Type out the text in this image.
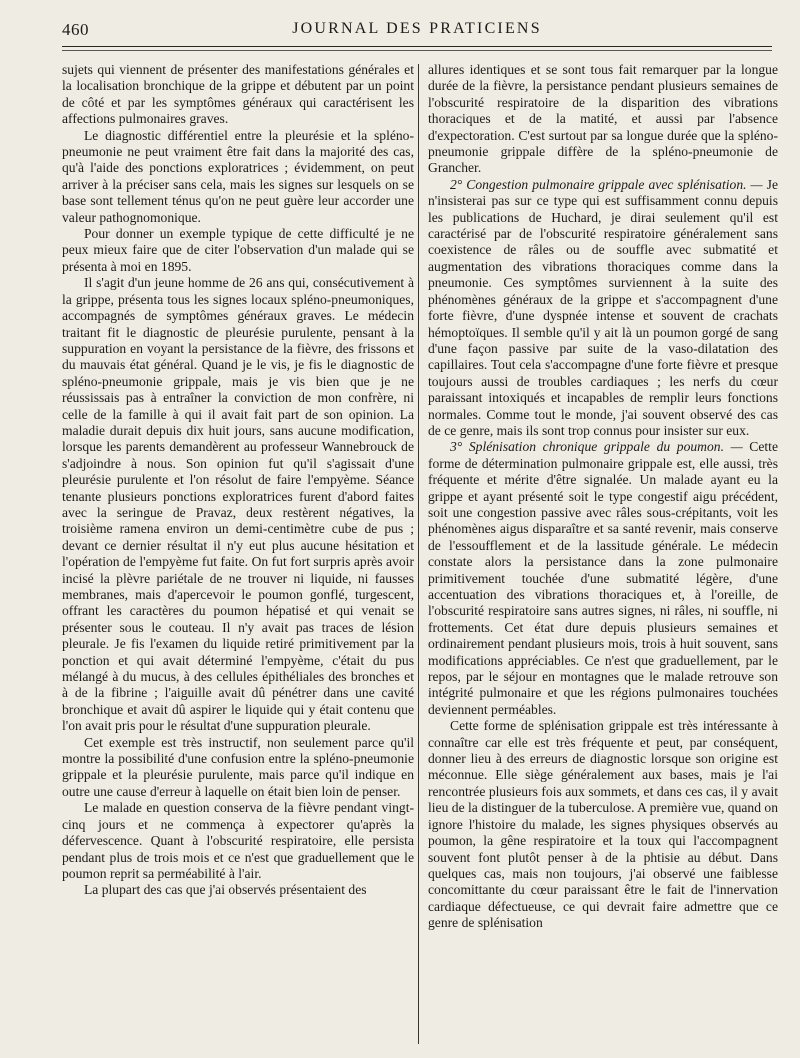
460	JOURNAL DES PRATICIENS

sujets qui viennent de présenter des manifestations générales et la localisation bronchique de la grippe et débutent par un point de côté et par les symptômes généraux qui caractérisent les affections pulmonaires graves.

Le diagnostic différentiel entre la pleurésie et la spléno-pneumonie ne peut vraiment être fait dans la majorité des cas, qu'à l'aide des ponctions exploratrices ; évidemment, on peut arriver à la préciser sans cela, mais les signes sur lesquels on se base sont tellement ténus qu'on ne peut guère leur accorder une valeur pathognomonique.

Pour donner un exemple typique de cette difficulté je ne peux mieux faire que de citer l'observation d'un malade qui se présenta à moi en 1895.

Il s'agit d'un jeune homme de 26 ans qui, consécutivement à la grippe, présenta tous les signes locaux spléno-pneumoniques, accompagnés de symptômes généraux graves. Le médecin traitant fit le diagnostic de pleurésie purulente, pensant à la suppuration en voyant la persistance de la fièvre, des frissons et du mauvais état général. Quand je le vis, je fis le diagnostic de spléno-pneumonie grippale, mais je vis bien que je ne réussissais pas à entraîner la conviction de mon confrère, ni celle de la famille à qui il avait fait part de son opinion. La maladie durait depuis dix huit jours, sans aucune modification, lorsque les parents demandèrent au professeur Wannebrouck de s'adjoindre à nous. Son opinion fut qu'il s'agissait d'une pleurésie purulente et l'on résolut de faire l'empyème. Séance tenante plusieurs ponctions exploratrices furent d'abord faites avec la seringue de Pravaz, deux restèrent négatives, la troisième ramena environ un demi-centimètre cube de pus ; devant ce dernier résultat il n'y eut plus aucune hésitation et l'opération de l'empyème fut faite. On fut fort surpris après avoir incisé la plèvre pariétale de ne trouver ni liquide, ni fausses membranes, mais d'apercevoir le poumon gonflé, turgescent, offrant les caractères du poumon hépatisé et qui venait se présenter sous le couteau. Il n'y avait pas traces de lésion pleurale. Je fis l'examen du liquide retiré primitivement par la ponction et qui avait déterminé l'empyème, c'était du pus mélangé à du mucus, à des cellules épithéliales des bronches et à de la fibrine ; l'aiguille avait dû pénétrer dans une cavité bronchique et avait dû aspirer le liquide qui y était contenu que l'on avait pris pour le résultat d'une suppuration pleurale.

Cet exemple est très instructif, non seulement parce qu'il montre la possibilité d'une confusion entre la spléno-pneumonie grippale et la pleurésie purulente, mais parce qu'il indique en outre une cause d'erreur à laquelle on était bien loin de penser.

Le malade en question conserva de la fièvre pendant vingt-cinq jours et ne commença à expectorer qu'après la défervescence. Quant à l'obscurité respiratoire, elle persista pendant plus de trois mois et ce n'est que graduellement que le poumon reprit sa perméabilité à l'air.

La plupart des cas que j'ai observés présentaient des

allures identiques et se sont tous fait remarquer par la longue durée de la fièvre, la persistance pendant plusieurs semaines de l'obscurité respiratoire de la disparition des vibrations thoraciques et de la matité, et aussi par l'absence d'expectoration. C'est surtout par sa longue durée que la spléno-pneumonie grippale diffère de la spléno-pneumonie de Grancher.

2° Congestion pulmonaire grippale avec splénisation. — Je n'insisterai pas sur ce type qui est suffisamment connu depuis les publications de Huchard, je dirai seulement qu'il est caractérisé par de l'obscurité respiratoire généralement sans coexistence de râles ou de souffle avec submatité et augmentation des vibrations thoraciques comme dans la pneumonie. Ces symptômes surviennent à la suite des phénomènes généraux de la grippe et s'accompagnent d'une forte fièvre, d'une dyspnée intense et souvent de crachats hémoptoïques. Il semble qu'il y ait là un poumon gorgé de sang d'une façon passive par suite de la vaso-dilatation des capillaires. Tout cela s'accompagne d'une forte fièvre et presque toujours aussi de troubles cardiaques ; les nerfs du cœur paraissant intoxiqués et incapables de remplir leurs fonctions normales. Comme tout le monde, j'ai souvent observé des cas de ce genre, mais ils sont trop connus pour insister sur eux.

3° Splénisation chronique grippale du poumon. — Cette forme de détermination pulmonaire grippale est, elle aussi, très fréquente et mérite d'être signalée. Un malade ayant eu la grippe et ayant présenté soit le type congestif aigu précédent, soit une congestion passive avec râles sous-crépitants, voit les phénomènes aigus disparaître et sa santé revenir, mais conserve de l'essoufflement et de la lassitude générale. Le médecin constate alors la persistance dans la zone pulmonaire primitivement touchée d'une submatité légère, d'une accentuation des vibrations thoraciques et, à l'oreille, de l'obscurité respiratoire sans autres signes, ni râles, ni souffle, ni frottements. Cet état dure depuis plusieurs semaines et ordinairement pendant plusieurs mois, trois à huit souvent, sans modifications appréciables. Ce n'est que graduellement, par le repos, par le séjour en montagnes que le malade retrouve son intégrité pulmonaire et que les régions pulmonaires touchées deviennent perméables.

Cette forme de splénisation grippale est très intéressante à connaître car elle est très fréquente et peut, par conséquent, donner lieu à des erreurs de diagnostic lorsque son origine est méconnue. Elle siège généralement aux bases, mais je l'ai rencontrée plusieurs fois aux sommets, et dans ces cas, il y avait lieu de la distinguer de la tuberculose. A première vue, quand on ignore l'histoire du malade, les signes physiques observés au poumon, la gêne respiratoire et la toux qui l'accompagnent souvent font plutôt penser à de la phtisie au début. Dans quelques cas, mais non toujours, j'ai observé une faiblesse concomittante du cœur paraissant être le fait de l'innervation cardiaque défectueuse, ce qui devrait faire admettre que ce genre de splénisation
